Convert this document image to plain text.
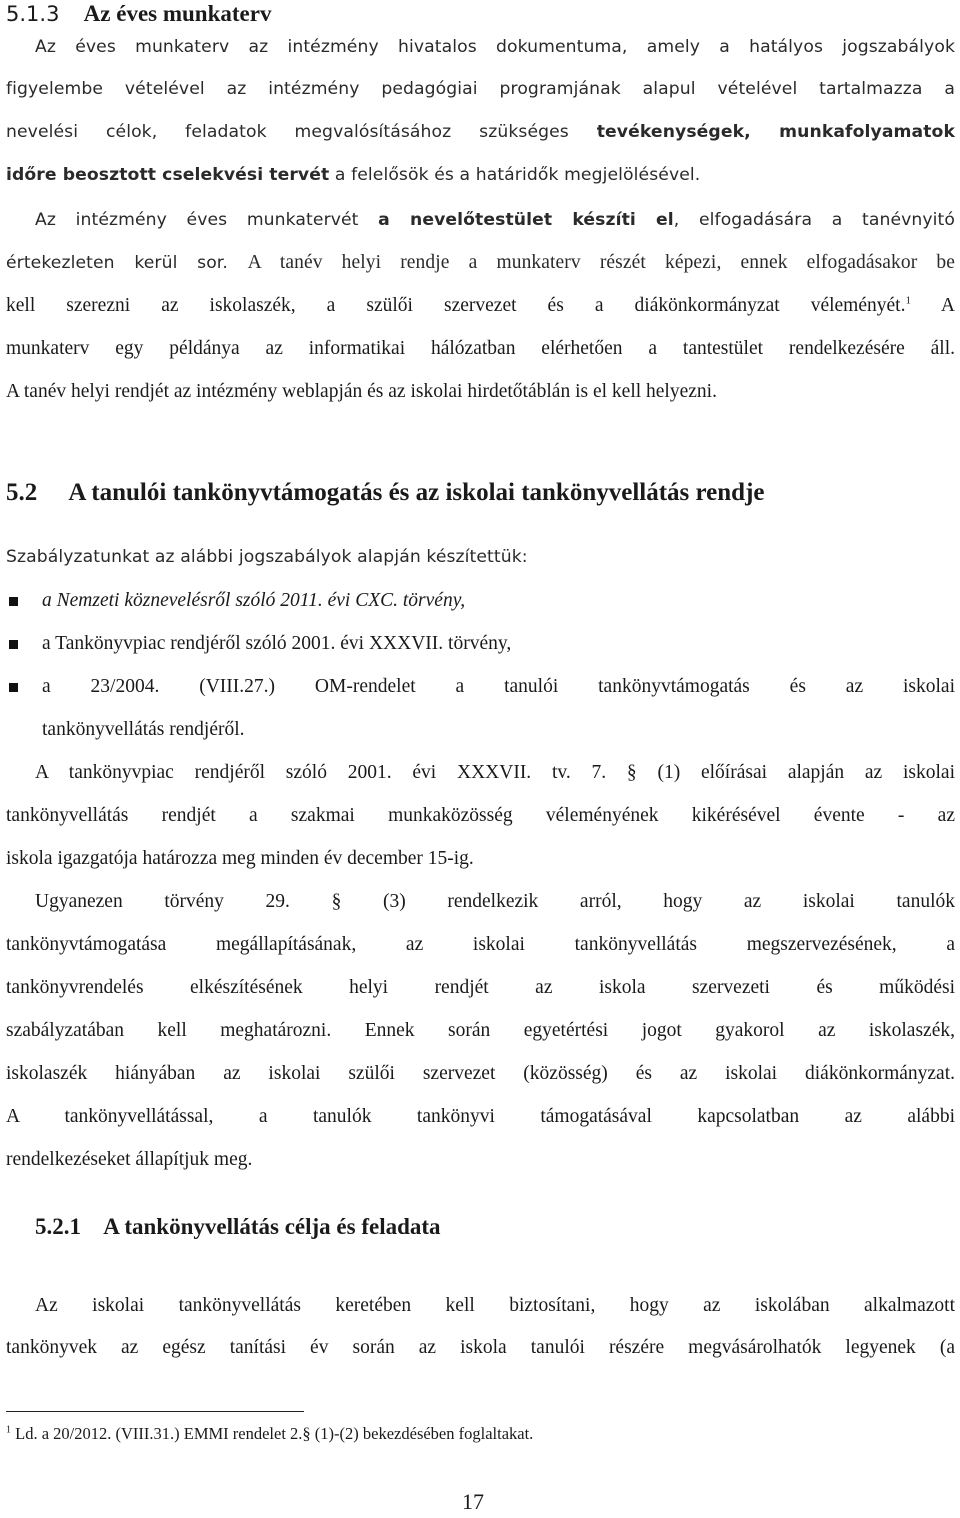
5.1.3 Az éves munkaterv
Az éves munkaterv az intézmény hivatalos dokumentuma, amely a hatályos jogszabályok
figyelembe vételével az intézmény pedagógiai programjának alapul vételével tartalmazza a
nevelési célok, feladatok megvalósításához szükséges tevékenységek, munkafolyamatok
időre beosztott cselekvési tervét a felelősök és a határidők megjelölésével.
Az intézmény éves munkatervét a nevelőtestület készíti el, elfogadására a tanévnyitó
értekezleten kerül sor. A tanév helyi rendje a munkaterv részét képezi, ennek elfogadásakor be
kell szerezni az iskolaszék, a szülői szervezet és a diákönkormányzat véleményét.$^1$ A
munkaterv egy példánya az informatikai hálózatban elérhetően a tantestület rendelkezésére áll.
A tanév helyi rendjét az intézmény weblapján és az iskolai hirdetőtáblán is el kell helyezni.
5.2 A tanulói tankönyvtámogatás és az iskolai tankönyvellátás rendje
Szabályzatunkat az alábbi jogszabályok alapján készítettük:
a Nemzeti köznevelésről szóló 2011. évi CXC. törvény,
a Tankönyvpiac rendjéről szóló 2001. évi XXXVII. törvény,
a 23/2004. (VIII.27.) OM-rendelet a tanulói tankönyvtámogatás és az iskolai
tankönyvellátás rendjéről.
A tankönyvpiac rendjéről szóló 2001. évi XXXVII. tv. 7. § (1) előírásai alapján az iskolai
tankönyvellátás rendjét a szakmai munkaközösség véleményének kikérésével évente - az
iskola igazgatója határozza meg minden év december 15-ig.
Ugyanezen törvény 29. § (3) rendelkezik arról, hogy az iskolai tanulók
tankönyvtámogatása megállapításának, az iskolai tankönyvellátás megszervezésének, a
tankönyvrendelés elkészítésének helyi rendjét az iskola szervezeti és működési
szabályzatában kell meghatározni. Ennek során egyetértési jogot gyakorol az iskolaszék,
iskolaszék hiányában az iskolai szülői szervezet (közösség) és az iskolai diákönkormányzat.
A tankönyvellátással, a tanulók tankönyvi támogatásával kapcsolatban az alábbi
rendelkezéseket állapítjuk meg.
5.2.1 A tankönyvellátás célja és feladata
Az iskolai tankönyvellátás keretében kell biztosítani, hogy az iskolában alkalmazott
tankönyvek az egész tanítási év során az iskola tanulói részére megvásárolhatók legyenek (a
$^1$ Ld. a 20/2012. (VIII.31.) EMMI rendelet 2.§ (1)-(2) bekezdésében foglaltakat.
17
